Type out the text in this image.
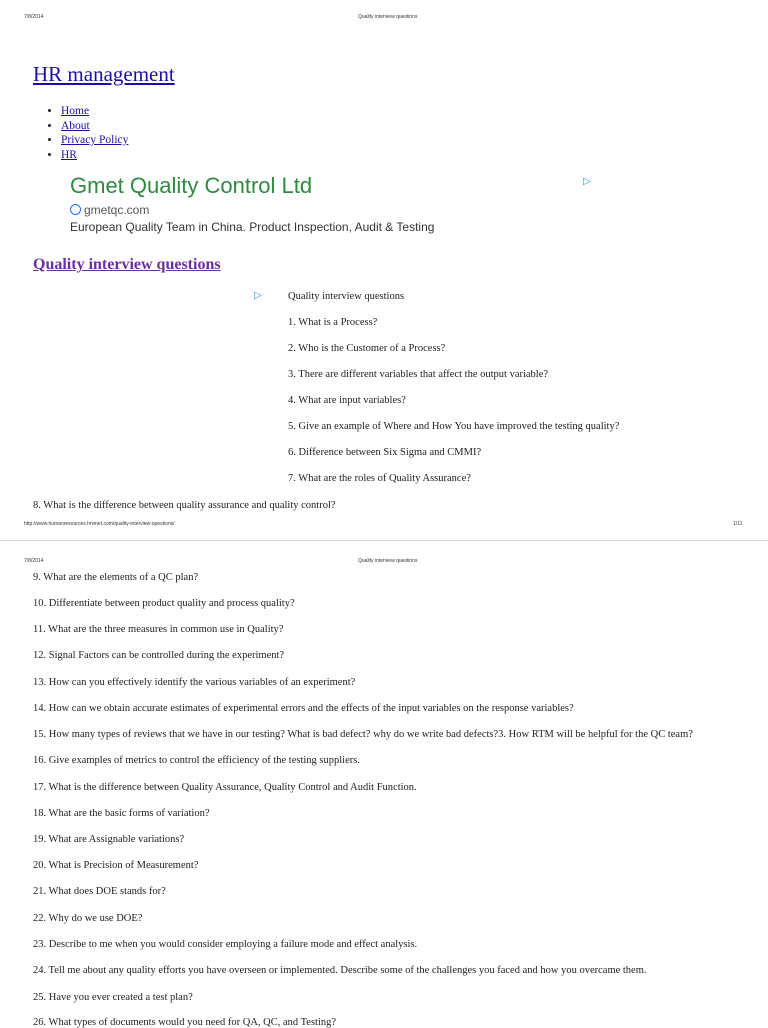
7/8/2014	Quality interview questions
HR management
• Home
• About
• Privacy Policy
• HR
Gmet Quality Control Ltd	▷
gmetqc.com
European Quality Team in China. Product Inspection, Audit & Testing
Quality interview questions
▷	Quality interview questions
1. What is a Process?
2. Who is the Customer of a Process?
3. There are different variables that affect the output variable?
4. What are input variables?
5. Give an example of Where and How You have improved the testing quality?
6. Difference between Six Sigma and CMMI?
7. What are the roles of Quality Assurance?
8. What is the difference between quality assurance and quality control?
http://www.humanresources.hrvinet.com/quality-interview-questions/	1/11
7/8/2014	Quality interview questions
9. What are the elements of a QC plan?
10. Differentiate between product quality and process quality?
11. What are the three measures in common use in Quality?
12. Signal Factors can be controlled during the experiment?
13. How can you effectively identify the various variables of an experiment?
14. How can we obtain accurate estimates of experimental errors and the effects of the input variables on the response variables?
15. How many types of reviews that we have in our testing? What is bad defect? why do we write bad defects?3. How RTM will be helpful for the QC team?
16. Give examples of metrics to control the efficiency of the testing suppliers.
17. What is the difference between Quality Assurance, Quality Control and Audit Function.
18. What are the basic forms of variation?
19. What are Assignable variations?
20. What is Precision of Measurement?
21. What does DOE stands for?
22. Why do we use DOE?
23. Describe to me when you would consider employing a failure mode and effect analysis.
24. Tell me about any quality efforts you have overseen or implemented. Describe some of the challenges you faced and how you overcame them.
25. Have you ever created a test plan?
26. What types of documents would you need for QA, QC, and Testing?
